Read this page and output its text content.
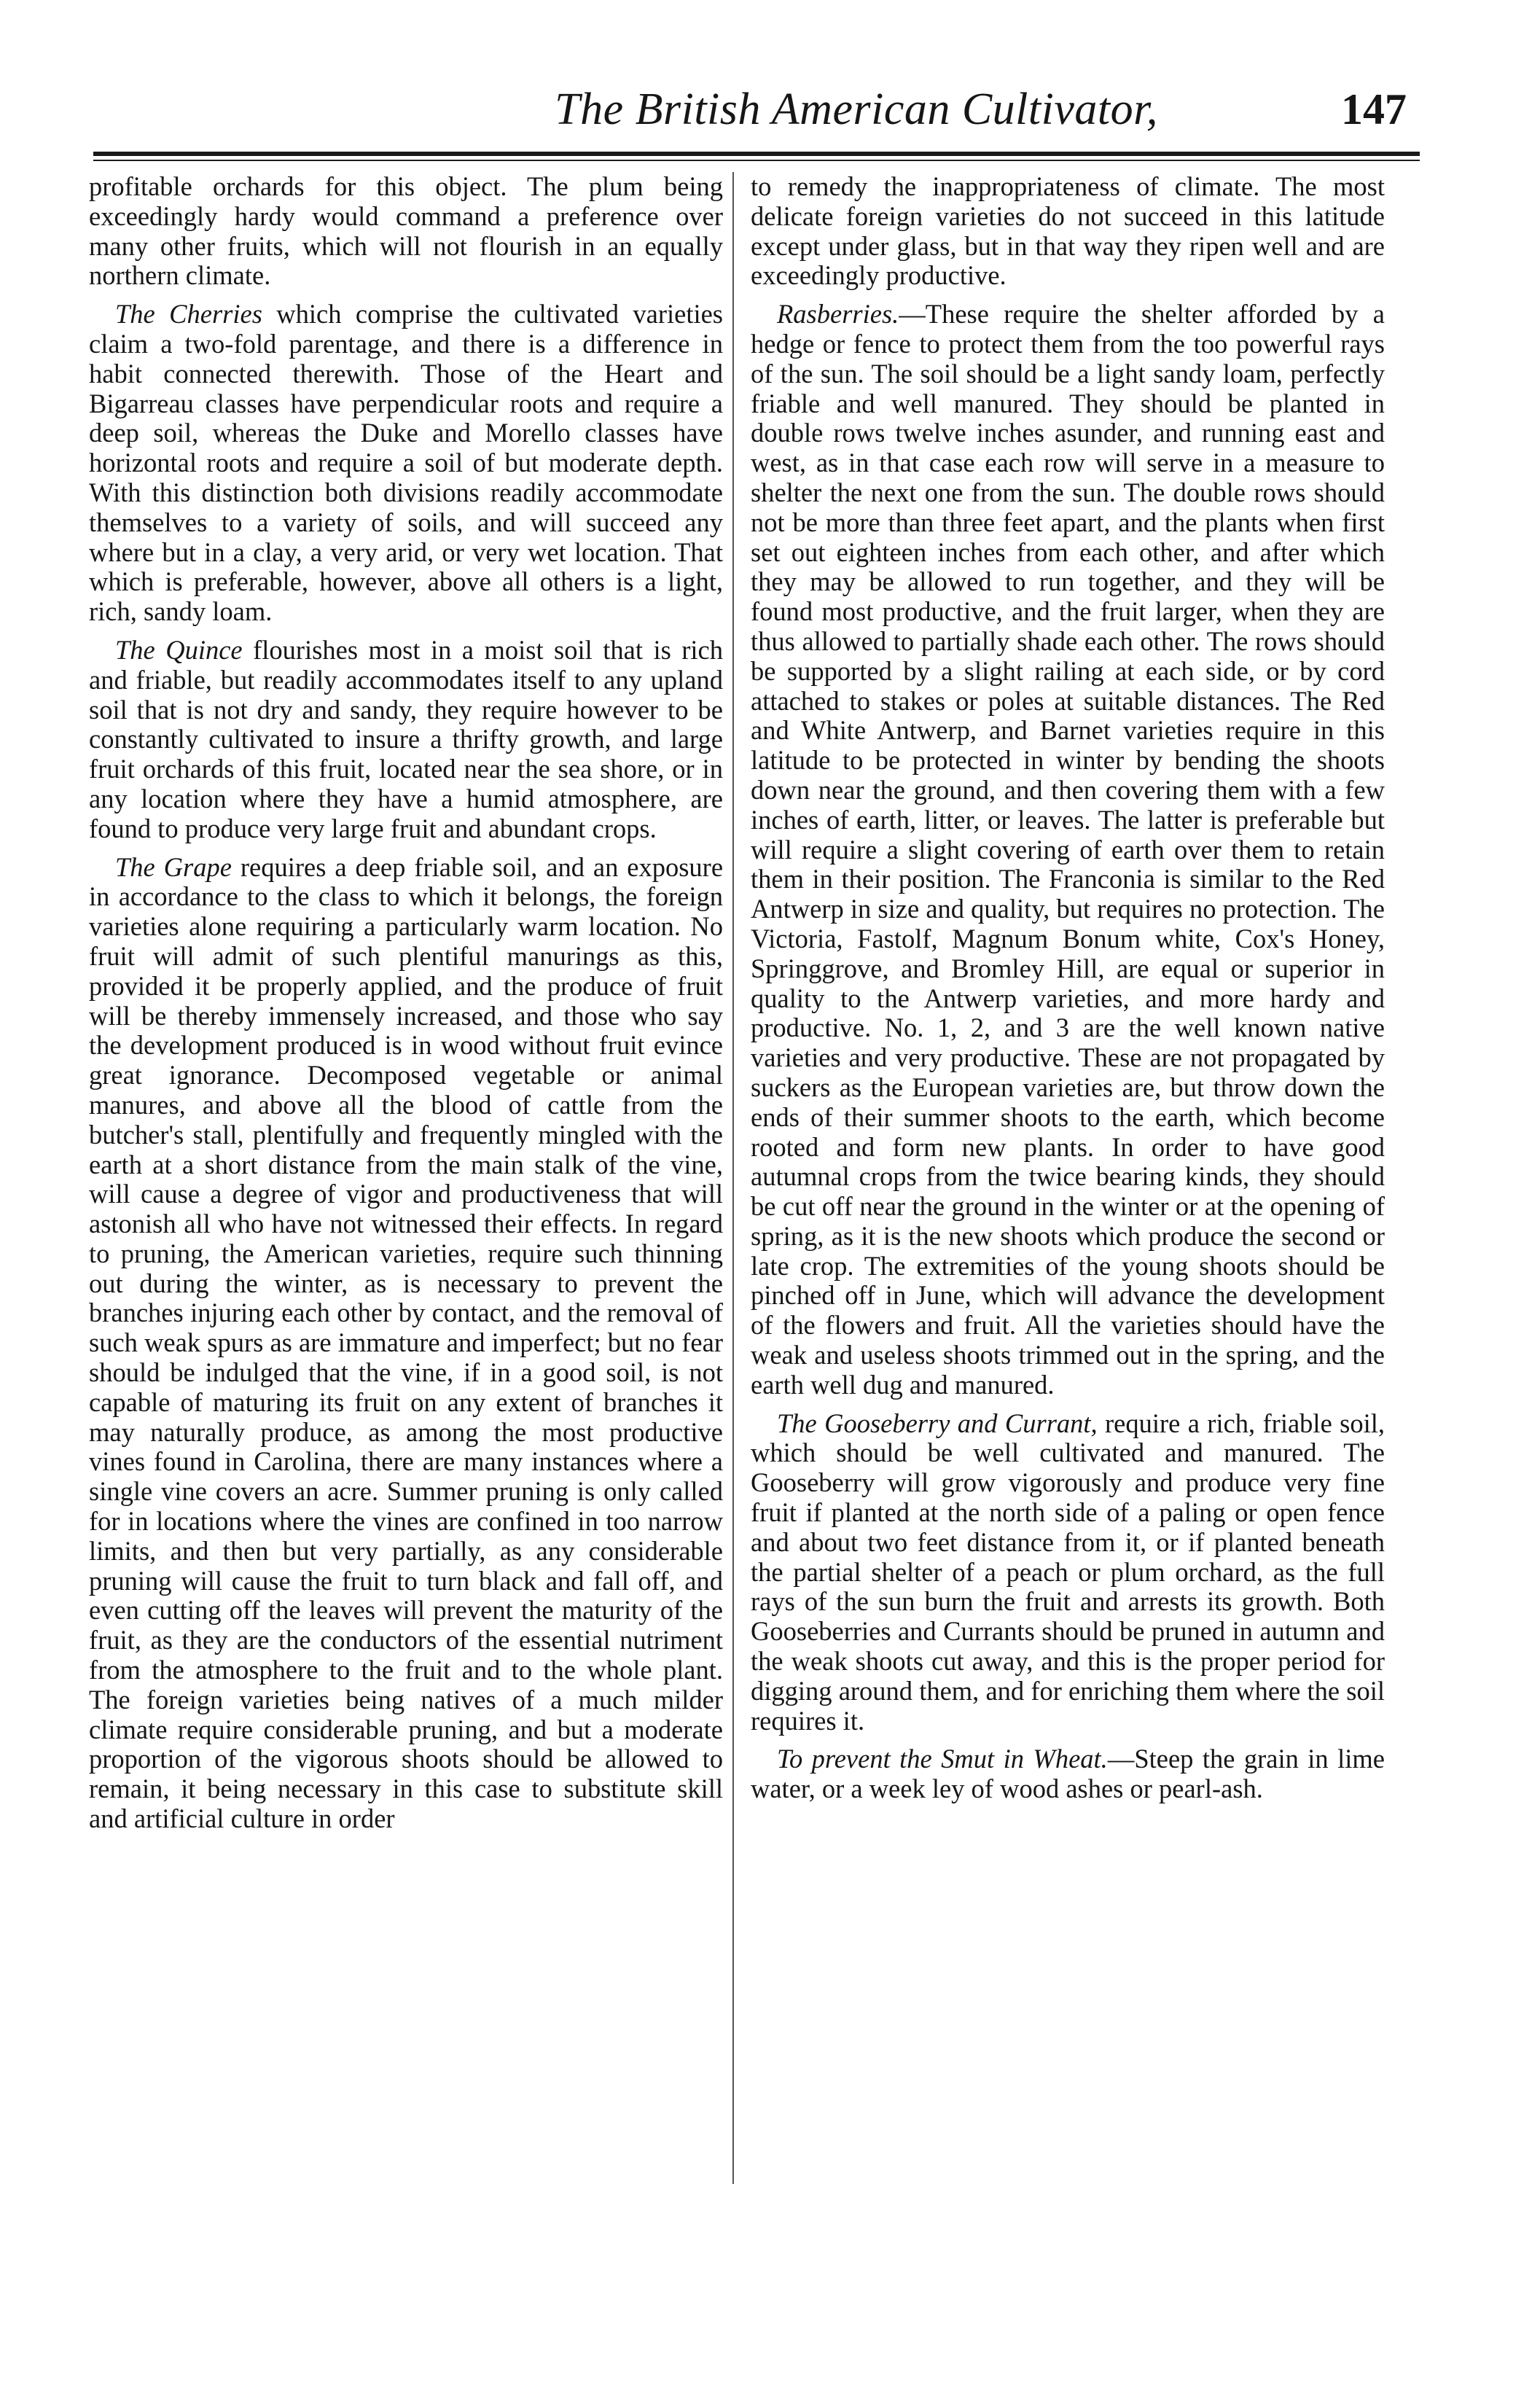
The British American Cultivator,	147

profitable orchards for this object. The plum being exceedingly hardy would command a preference over many other fruits, which will not flourish in an equally northern climate.

The Cherries which comprise the cultivated varieties claim a two-fold parentage, and there is a difference in habit connected therewith. Those of the Heart and Bigarreau classes have perpendicular roots and require a deep soil, whereas the Duke and Morello classes have horizontal roots and require a soil of but moderate depth. With this distinction both divisions readily accommodate themselves to a variety of soils, and will succeed any where but in a clay, a very arid, or very wet location. That which is preferable, however, above all others is a light, rich, sandy loam.

The Quince flourishes most in a moist soil that is rich and friable, but readily accommodates itself to any upland soil that is not dry and sandy, they require however to be constantly cultivated to insure a thrifty growth, and large fruit orchards of this fruit, located near the sea shore, or in any location where they have a humid atmosphere, are found to produce very large fruit and abundant crops.

The Grape requires a deep friable soil, and an exposure in accordance to the class to which it belongs, the foreign varieties alone requiring a particularly warm location. No fruit will admit of such plentiful manurings as this, provided it be properly applied, and the produce of fruit will be thereby immensely increased, and those who say the development produced is in wood without fruit evince great ignorance. Decomposed vegetable or animal manures, and above all the blood of cattle from the butcher's stall, plentifully and frequently mingled with the earth at a short distance from the main stalk of the vine, will cause a degree of vigor and productiveness that will astonish all who have not witnessed their effects. In regard to pruning, the American varieties, require such thinning out during the winter, as is necessary to prevent the branches injuring each other by contact, and the removal of such weak spurs as are immature and imperfect; but no fear should be indulged that the vine, if in a good soil, is not capable of maturing its fruit on any extent of branches it may naturally produce, as among the most productive vines found in Carolina, there are many instances where a single vine covers an acre. Summer pruning is only called for in locations where the vines are confined in too narrow limits, and then but very partially, as any considerable pruning will cause the fruit to turn black and fall off, and even cutting off the leaves will prevent the maturity of the fruit, as they are the conductors of the essential nutriment from the atmosphere to the fruit and to the whole plant. The foreign varieties being natives of a much milder climate require considerable pruning, and but a moderate proportion of the vigorous shoots should be allowed to remain, it being necessary in this case to substitute skill and artificial culture in order

to remedy the inappropriateness of climate. The most delicate foreign varieties do not succeed in this latitude except under glass, but in that way they ripen well and are exceedingly productive.

Rasberries.—These require the shelter afforded by a hedge or fence to protect them from the too powerful rays of the sun. The soil should be a light sandy loam, perfectly friable and well manured. They should be planted in double rows twelve inches asunder, and running east and west, as in that case each row will serve in a measure to shelter the next one from the sun. The double rows should not be more than three feet apart, and the plants when first set out eighteen inches from each other, and after which they may be allowed to run together, and they will be found most productive, and the fruit larger, when they are thus allowed to partially shade each other. The rows should be supported by a slight railing at each side, or by cord attached to stakes or poles at suitable distances. The Red and White Antwerp, and Barnet varieties require in this latitude to be protected in winter by bending the shoots down near the ground, and then covering them with a few inches of earth, litter, or leaves. The latter is preferable but will require a slight covering of earth over them to retain them in their position. The Franconia is similar to the Red Antwerp in size and quality, but requires no protection. The Victoria, Fastolf, Magnum Bonum white, Cox's Honey, Springgrove, and Bromley Hill, are equal or superior in quality to the Antwerp varieties, and more hardy and productive. No. 1, 2, and 3 are the well known native varieties and very productive. These are not propagated by suckers as the European varieties are, but throw down the ends of their summer shoots to the earth, which become rooted and form new plants. In order to have good autumnal crops from the twice bearing kinds, they should be cut off near the ground in the winter or at the opening of spring, as it is the new shoots which produce the second or late crop. The extremities of the young shoots should be pinched off in June, which will advance the development of the flowers and fruit. All the varieties should have the weak and useless shoots trimmed out in the spring, and the earth well dug and manured.

The Gooseberry and Currant, require a rich, friable soil, which should be well cultivated and manured. The Gooseberry will grow vigorously and produce very fine fruit if planted at the north side of a paling or open fence and about two feet distance from it, or if planted beneath the partial shelter of a peach or plum orchard, as the full rays of the sun burn the fruit and arrests its growth. Both Gooseberries and Currants should be pruned in autumn and the weak shoots cut away, and this is the proper period for digging around them, and for enriching them where the soil requires it.

To prevent the Smut in Wheat.—Steep the grain in lime water, or a week ley of wood ashes or pearl-ash.
